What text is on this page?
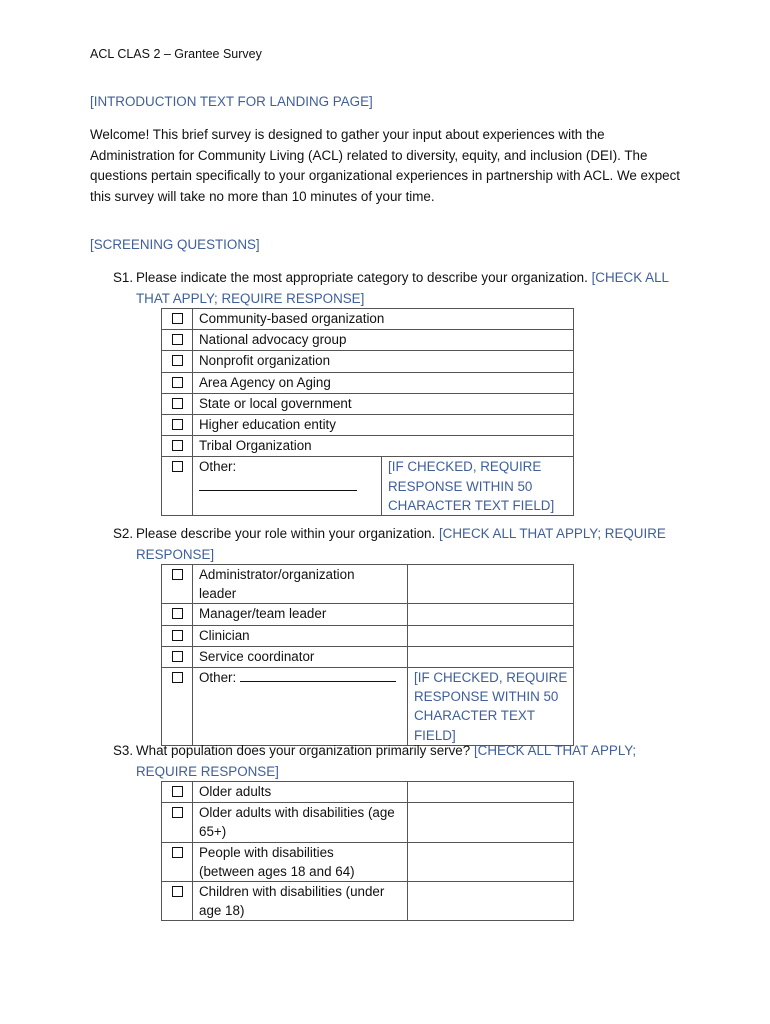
ACL CLAS 2 – Grantee Survey
[INTRODUCTION TEXT FOR LANDING PAGE]
Welcome! This brief survey is designed to gather your input about experiences with the Administration for Community Living (ACL) related to diversity, equity, and inclusion (DEI). The questions pertain specifically to your organizational experiences in partnership with ACL. We expect this survey will take no more than 10 minutes of your time.
[SCREENING QUESTIONS]
S1. Please indicate the most appropriate category to describe your organization. [CHECK ALL THAT APPLY; REQUIRE RESPONSE]
	Community-based organization	
	National advocacy group	
	Nonprofit organization	
	Area Agency on Aging	
	State or local government	
	Higher education entity	
	Tribal Organization	

	Other:	[IF CHECKED, REQUIRE RESPONSE WITHIN 50 CHARACTER TEXT FIELD]
S2. Please describe your role within your organization. [CHECK ALL THAT APPLY; REQUIRE RESPONSE]
	Administrator/organization leader	
	Manager/team leader	
	Clinician	
	Service coordinator	
	Other:	[IF CHECKED, REQUIRE RESPONSE WITHIN 50 CHARACTER TEXT FIELD]
S3. What population does your organization primarily serve? [CHECK ALL THAT APPLY; REQUIRE RESPONSE]
	Older adults	
	Older adults with disabilities (age 65+)	
	People with disabilities (between ages 18 and 64)	
	Children with disabilities (under age 18)	
